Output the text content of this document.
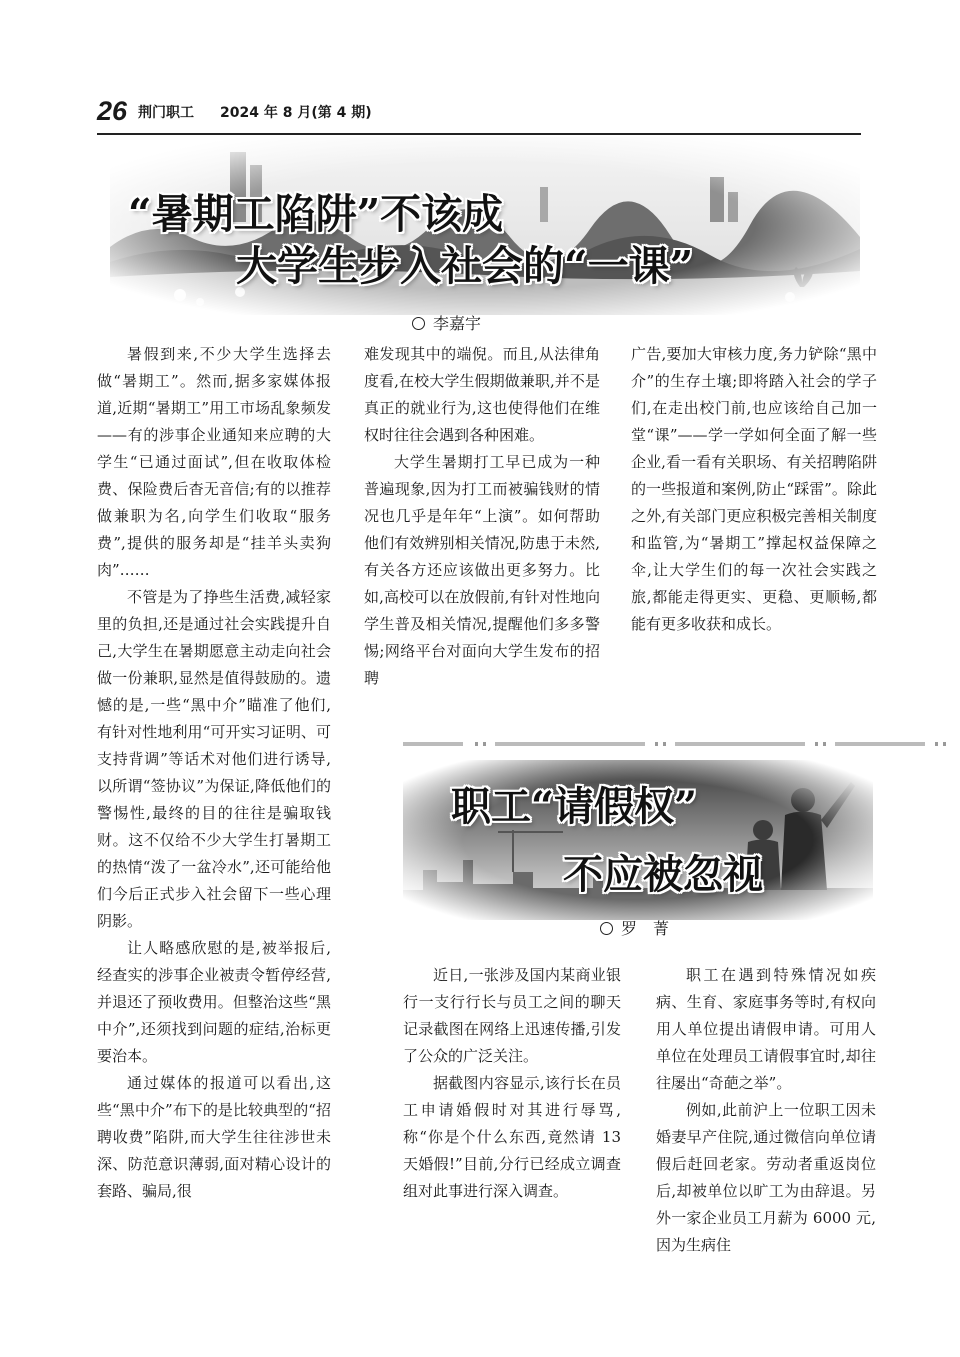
26 荆门职工 2024 年 8 月(第 4 期)
“暑期工陷阱”不该成
大学生步入社会的“一课”
李嘉宇

暑假到来,不少大学生选择去做“暑期工”。然而,据多家媒体报道,近期“暑期工”用工市场乱象频发——有的涉事企业通知来应聘的大学生“已通过面试”,但在收取体检费、保险费后杳无音信;有的以推荐做兼职为名,向学生们收取“服务费”,提供的服务却是“挂羊头卖狗肉”……

不管是为了挣些生活费,减轻家里的负担,还是通过社会实践提升自己,大学生在暑期愿意主动走向社会做一份兼职,显然是值得鼓励的。遗憾的是,一些“黑中介”瞄准了他们,有针对性地利用“可开实习证明、可支持背调”等话术对他们进行诱导,以所谓“签协议”为保证,降低他们的警惕性,最终的目的往往是骗取钱财。这不仅给不少大学生打暑期工的热情“泼了一盆冷水”,还可能给他们今后正式步入社会留下一些心理阴影。

让人略感欣慰的是,被举报后,经查实的涉事企业被责令暂停经营,并退还了预收费用。但整治这些“黑中介”,还须找到问题的症结,治标更要治本。

通过媒体的报道可以看出,这些“黑中介”布下的是比较典型的“招聘收费”陷阱,而大学生往往涉世未深、防范意识薄弱,面对精心设计的套路、骗局,很

难发现其中的端倪。而且,从法律角度看,在校大学生假期做兼职,并不是真正的就业行为,这也使得他们在维权时往往会遇到各种困难。

大学生暑期打工早已成为一种普遍现象,因为打工而被骗钱财的情况也几乎是年年“上演”。如何帮助他们有效辨别相关情况,防患于未然,有关各方还应该做出更多努力。比如,高校可以在放假前,有针对性地向学生普及相关情况,提醒他们多多警惕;网络平台对面向大学生发布的招聘

广告,要加大审核力度,务力铲除“黑中介”的生存土壤;即将踏入社会的学子们,在走出校门前,也应该给自己加一堂“课”——学一学如何全面了解一些企业,看一看有关职场、有关招聘陷阱的一些报道和案例,防止“踩雷”。除此之外,有关部门更应积极完善相关制度和监管,为“暑期工”撑起权益保障之伞,让大学生们的每一次社会实践之旅,都能走得更实、更稳、更顺畅,都能有更多收获和成长。

职工“请假权”
不应被忽视
罗　菁

近日,一张涉及国内某商业银行一支行行长与员工之间的聊天记录截图在网络上迅速传播,引发了公众的广泛关注。

据截图内容显示,该行长在员工申请婚假时对其进行辱骂,称“你是个什么东西,竟然请 13 天婚假!”目前,分行已经成立调查组对此事进行深入调查。

职工在遇到特殊情况如疾病、生育、家庭事务等时,有权向用人单位提出请假申请。可用人单位在处理员工请假事宜时,却往往屡出“奇葩之举”。

例如,此前沪上一位职工因未婚妻早产住院,通过微信向单位请假后赶回老家。劳动者重返岗位后,却被单位以旷工为由辞退。另外一家企业员工月薪为 6000 元,因为生病住
